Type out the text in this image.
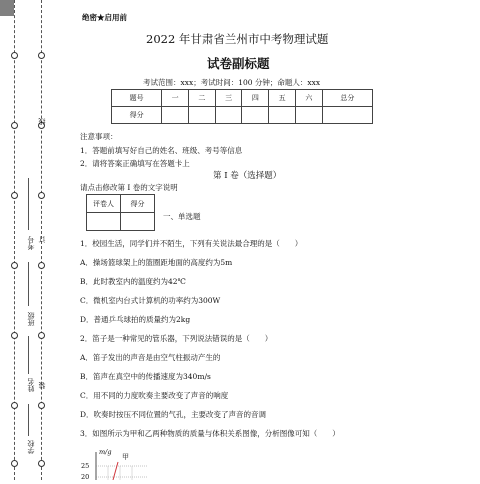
线
订
装
考号
班级
姓名
学校
绝密★启用前
2022 年甘肃省兰州市中考物理试题
试卷副标题
考试范围：xxx；考试时间：100 分钟；命题人：xxx
题号	一	二	三	四	五	六	总分
得分							
注意事项：
1．答题前填写好自己的姓名、班级、考号等信息
2．请将答案正确填写在答题卡上
第 I 卷（选择题）
请点击修改第 I 卷的文字说明
评卷人	得分

一、单选题
1．校园生活，同学们并不陌生，下列有关说法最合理的是（　　）
A．操场篮球架上的篮圈距地面的高度约为5m
B．此时教室内的温度约为42℃
C．微机室内台式计算机的功率约为300W
D．普通乒乓球拍的质量约为2kg
2．笛子是一种常见的管乐器，下列说法错误的是（　　）
A．笛子发出的声音是由空气柱振动产生的
B．笛声在真空中的传播速度为340m/s
C．用不同的力度吹奏主要改变了声音的响度
D．吹奏时按压不同位置的气孔，主要改变了声音的音调
3．如图所示为甲和乙两种物质的质量与体积关系图像，分析图像可知（　　）
m/g
甲
25
20
